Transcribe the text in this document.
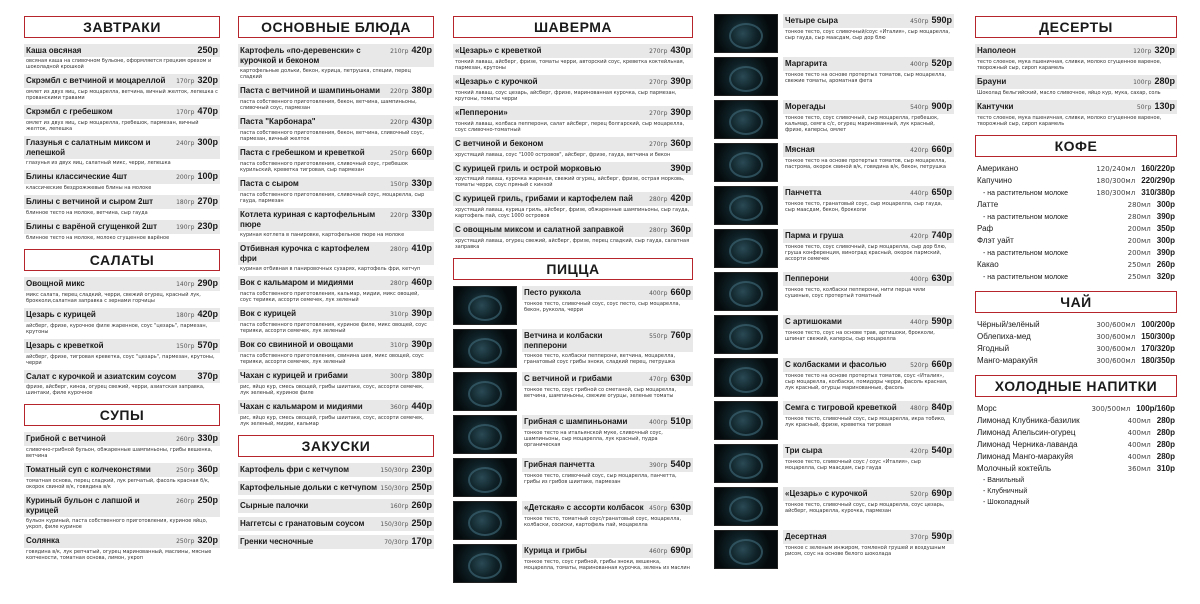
ЗАВТРАКИ
Каша овсяная	250р
овсяная каша на сливочном бульоне, оформляется грецким орехом и шоколадной крошкой
Скрэмбл с ветчиной и моцареллой	170гр 320р
омлет из двух яиц, сыр моцарелла, ветчина, вичный желток, лепешка с прованскими травами
Скрэмбл с гребешком	170гр 470р
омлет из двух яиц, сыр моцарелла, гребешок, пармезан, вичный желток, лепешка
Глазунья с салатным миксом и лепешкой
240гр 300р
глазунья из двух яиц, салатный микс, черри, лепешка
Блины классические 4шт	200гр 100р
классические бездрожжевые блины на молоке
Блины с ветчиной и сыром 2шт	180гр 270р
блинное тесто на молоке, ветчина, сыр гауда
Блины с варёной сгущенкой 2шт	190гр 230р
блинное тесто на молоке, молоко сгущенное варёное
САЛАТЫ
Овощной микс	140гр 290р
микс салата, перец сладкий, черри, свежий огурец, красный лук, брокколи,салатная заправка с зернами горчицы
Цезарь с курицей	180гр 420р
айсберг, фризе, курочное филе жаренное, соус "цезарь", пармезан, крутоны
Цезарь с креветкой	150гр 570р
айсберг, фризе, тигровая креветка, соус "цезарь", пармезан, крутоны, черри
Салат с курочкой и азиатским соусом	370р
фризе, айсберг, киноа, огурец свежий, черри, азиатская заправка, шинтаки, филе курочное
СУПЫ
Грибной с ветчиной	260гр 330р
сливочно-грибной бульон, обжаренные шампиньоны, грибы вешенка, ветчина
Томатный суп с колчеконстями	250гр 360р
томатная основа, перец сладкий, лук репчатый, фасоль красная б/к, окорок свиной в/к, говядина в/к
Куриный бульон с лапшой и курицей
260гр 250р
бульон куриный, паста собственного приготовления, куриное яйцо, укроп, филе куриное
Солянка	250гр 320р
говядина в/к, лук репчатый, огурец маринованный, маслины, мясные копчености, томатная основа, лимон, укроп
ОСНОВНЫЕ БЛЮДА
Картофель «по-деревенски» с курочкой и беконом
210гр 420р
картофельные дольки, бекон, курица, петрушка, специи, перец сладкий
Паста с ветчиной и шампиньонами	220гр 380р
паста собственного приготовления, бекон, ветчина, шампиньоны, сливочный соус, пармезан
Паста "Карбонара"	220гр 430р
паста собственного приготовления, бекон, ветчина, сливочный соус, пармезан, вичный желток
Паста с гребешком и креветкой	250гр 660р
паста собственного приготовления, сливочный соус, гребешок курильский, креветка тигровая, сыр пармезан
Паста с сыром	150гр 330р
паста собственного приготовления, сливочный соус, моцарелла, сыр гауда, пармезан
Котлета куриная с картофельным пюре
220гр 330р
куриная котлета в панировке, картофельное пюре на молоке
Отбивная курочка с картофелем фри
280гр 410р
куриная отбивная в панировочных сухарях, картофель фри, кетчуп
Вок с кальмаром и мидиями	280гр 460р
паста собственного приготовления, кальмар, мидии, микс овощей, соус терияки, ассорти семечек, лук зеленый
Вок с курицей	310гр 390р
паста собственного приготовления, куриное филе, микс овощей, соус терияки, ассорти семечек, лук зеленый
Вок со свининой и овощами	310гр 390р
паста собственного приготовления, свинина шея, микс овощей, соус терияки, ассорти семечек, лук зеленый
Чахан с курицей и грибами	300гр 380р
рис, яйцо кур, смесь овощей, грибы шиитаке, соус, ассорти семечек, лук зеленый, куриное филе
Чахан с кальмаром и мидиями	360гр 440р
рис, яйцо кур, смесь овощей, грибы шиитаке, соус, ассорти семечек, лук зеленый, мидии, кальмар
ЗАКУСКИ
Картофель фри с кетчупом	150/30гр 230р
Картофельные дольки с кетчупом 150/30гр 250р
Сырные палочки	160гр 260р
Наггетсы с гранатовым соусом	150/30гр 250р
Гренки чесночные	70/30гр 170р
ШАВЕРМА
«Цезарь» с креветкой	270гр 430р
тонкий лаваш, айсберг, фризе, томаты черри, авторский соус, креветка коктейльная, пармезан, крутоны
«Цезарь» с курочкой	270гр 390р
тонкий лаваш, соус цезарь, айсберг, фризе, маринованная курочка, сыр пармезан, крутоны, томаты черри
«Пепперони»	270гр 390р
тонкий лаваш, колбаса пепперони, салат айсберг, перец болгарский, сыр моцарелла, соус сливочно-томатный
С ветчиной и беконом	270гр 360р
хрустящий лаваш, соус "1000 островов", айсберг, фризе, гауда, ветчина и бекон
С курицей гриль и острой морковью	390р
хрустящий лаваш, курочка жареная, свежий огурец, айсберг, фризе, острая морковь, томаты черри, соус пряный с кинзой
С курицей гриль, грибами и картофелем пай	280гр 420р
хрустящий лаваш, курица гриль, айсберг, фризе, обжаренные шампиньоны, сыр гауда, картофель пай, соус 1000 островов
С овощным миксом и салатной заправкой	280гр 360р
хрустящий лаваш, огурец свежий, айсберг, фризе, перец сладкий, сыр гауда, салатная заправка
ПИЦЦА
Песто руккола	400гр 660р
тонкое тесто, сливочный соус, соус песто, сыр моцарелла, бекон, руккола, черри
Ветчина и колбаски пепперони
550гр 760р
тонкое тесто, колбаски пепперони, ветчина, моцарелла, гранатовый соус грибы эноки, сладкий перец, петрушка
С ветчиной и грибами	470гр 630р
тонкое тесто, соус грибной со сметаной, сыр моцарелла, ветчина, шампиньоны, свежие огурцы, зеленые томаты
Грибная с шампиньонами	400гр 510р
тонкое тесто на итальянской муке, сливочный соус, шампиньоны, сыр моцарелла, лук красный, пудра органическая
Грибная панчетта	390гр 540р
тонкое тесто, сливочный соус, сыр моцарелла, панчетта, грибы из грибов шиитаке, пармезан
«Детская» с ассорти колбасок 450гр 630р
тонкое тесто, томатный соус/гранатовый соус, моцарелла, колбаски, сосиски, картофель пай, моцарелла
Курица и грибы	460гр 690р
тонкое тесто, соус грибной, грибы эноки, вешенка, моцарелла, томаты, маринованная курочка, зелень из маслин
Четыре сыра	450гр 590р
тонкое тесто, соус сливочный/соус «Италия», сыр моцарелла, сыр гауда, сыр маасдам, сыр дор блю
Маргарита	400гр 520р
тонкое тесто на основе протертых томатов, сыр моцарелла, свежие томаты, ароматная фета
Морегады	540гр 900р
тонкое тесто, соус сливочный, сыр моцарелла, гребешок, кальмар, семга с/с, огурец маринованный, лук красный, фризе, каперсы, омлет
Мясная	420гр 660р
тонкое тесто на основе протертых томатов, сыр моцарелла, пастрома, окорок свиной в/к, говядина в/к, бекон, петрушка
Панчетта	440гр 650р
тонкое тесто, гранатовый соус, сыр моцарелла, сыр гауда, сыр маасдам, бекон, брокколи
Парма и груша	420гр 740р
тонкое тесто, соус сливочный, сыр моцарелла, сыр дор блю, груша конференция, виноград красный, окорок пармский, ассорти семечек
Пепперони	400гр 630р
тонкое тесто, колбаски пепперони, нити перца чили сушеные, соус протертый томатный
С артишоками	440гр 590р
тонкое тесто, соус на основе трав, артишоки, брокколи, шпинат свежий, каперсы, сыр моцарелла
С колбасками и фасолью	520гр 660р
тонкое тесто на основе протертых томатов, соус «Италия», сыр моцарелла, колбаски, помидоры черри, фасоль красная, лук красный, огурцы маринованные, фасоль
Семга с тигровой креветкой	480гр 840р
тонкое тесто, сливочный соус, сыр моцарелла, икра тобико, лук красный, фризе, креветка тигровая
Три сыра	420гр 540р
тонкое тесто, сливочный соус / соус «Италия», сыр моцарелла, сыр маасдам, сыр гауда
«Цезарь» с курочкой	520гр 690р
тонкое тесто, сливочный соус, сыр моцарелла, соус цезарь, айсберг, моцарелла, курочка, пармезан
Десертная	370гр 590р
тонкое с зеленым инжиром, томленой грушей и воздушным рисом, соус на основе белого шоколада
ДЕСЕРТЫ
Наполеон	120гр 320р
тесто слоеное, мука пшеничная, сливки, молоко сгущенное вареное, творожный сыр, сироп карамель
Брауни	100гр 280р
Шоколад бельгийский, масло сливочное, яйцо кур, мука, сахар, соль
Кантучки	50гр 130р
тесто слоеное, мука пшеничная, сливки, молоко сгущенное вареное, творожный сыр, сироп карамель
КОФЕ
Американо	120/240мл 160/220р
Капучино	180/300мл 220/290р
- на растительном молоке	180/300мл 310/380р
Латте	280мл 300р
- на растительном молоке	280мл 390р
Раф	200мл 350р
Флэт уайт	200мл 300р
- на растительном молоке	200мл 390р
Какао	250мл 260р
- на растительном молоке	250мл 320р
ЧАЙ
Чёрный/зелёный	300/600мл 100/200р
Облепиха-мед	300/600мл 150/300р
Ягодный	300/600мл 170/320р
Манго-маракуйя	300/600мл 180/350р
ХОЛОДНЫЕ НАПИТКИ
Морс	300/500мл 100р/160р
Лимонад Клубника-базилик	400мл 280р
Лимонад Апельсин-огурец	400мл 280р
Лимонад Черника-лаванда	400мл 280р
Лимонад Манго-маракуйя	400мл 280р
Молочный коктейль	360мл 310р
- Ванильный
- Клубничный
- Шоколадный
